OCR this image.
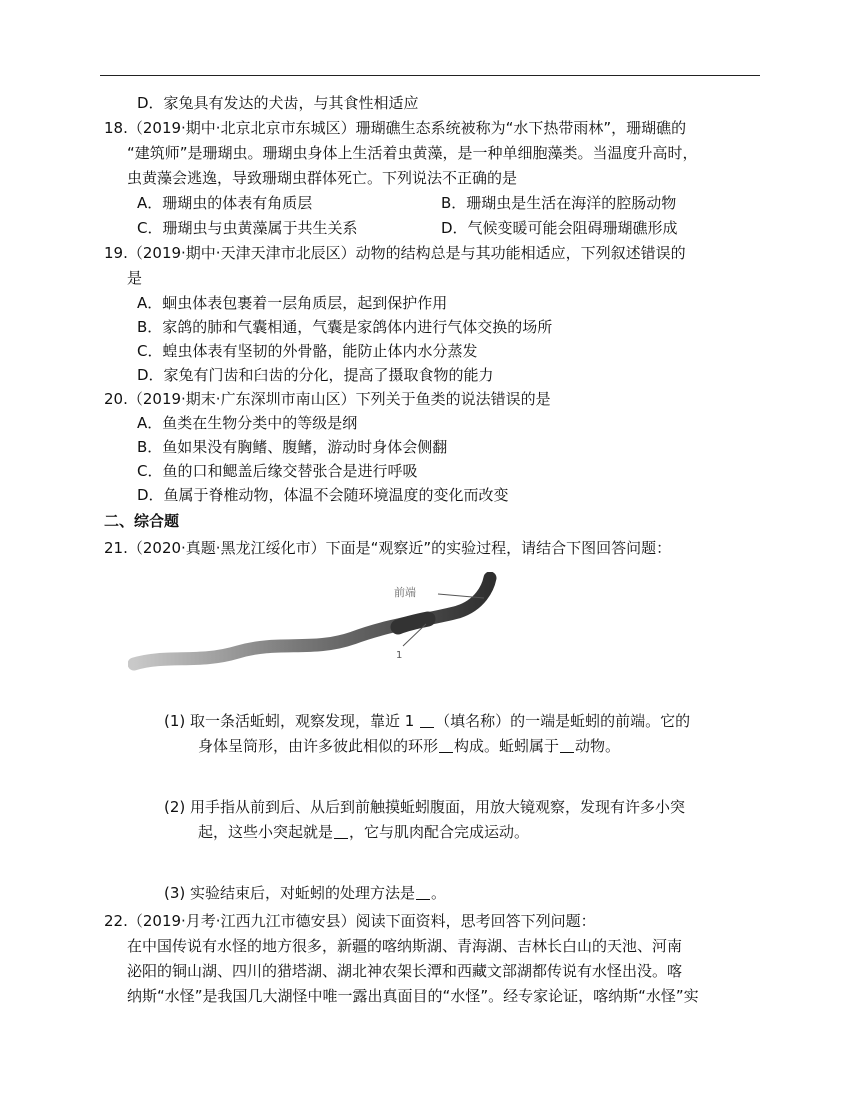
D．家兔具有发达的犬齿，与其食性相适应
18.（2019·期中·北京北京市东城区）珊瑚礁生态系统被称为“水下热带雨林”，珊瑚礁的
“建筑师”是珊瑚虫。珊瑚虫身体上生活着虫黄藻，是一种单细胞藻类。当温度升高时，
虫黄藻会逃逸，导致珊瑚虫群体死亡。下列说法不正确的是
A．珊瑚虫的体表有角质层	B．珊瑚虫是生活在海洋的腔肠动物
C．珊瑚虫与虫黄藻属于共生关系	D．气候变暖可能会阻碍珊瑚礁形成
19.（2019·期中·天津天津市北辰区）动物的结构总是与其功能相适应，下列叙述错误的
是
A．蛔虫体表包裹着一层角质层，起到保护作用
B．家鸽的肺和气囊相通，气囊是家鸽体内进行气体交换的场所
C．蝗虫体表有坚韧的外骨骼，能防止体内水分蒸发
D．家兔有门齿和臼齿的分化，提高了摄取食物的能力
20.（2019·期末·广东深圳市南山区）下列关于鱼类的说法错误的是
A．鱼类在生物分类中的等级是纲
B．鱼如果没有胸鳍、腹鳍，游动时身体会侧翻
C．鱼的口和鳃盖后缘交替张合是进行呼吸
D．鱼属于脊椎动物，体温不会随环境温度的变化而改变
二、综合题
21.（2020·真题·黑龙江绥化市）下面是“观察近”的实验过程，请结合下图回答问题：
前端
1
(1) 取一条活蚯蚓，观察发现，靠近 1 （填名称）的一端是蚯蚓的前端。它的
身体呈筒形，由许多彼此相似的环形 构成。蚯蚓属于 动物。
(2) 用手指从前到后、从后到前触摸蚯蚓腹面，用放大镜观察，发现有许多小突
起，这些小突起就是 ，它与肌肉配合完成运动。
(3) 实验结束后，对蚯蚓的处理方法是 。
22.（2019·月考·江西九江市德安县）阅读下面资料，思考回答下列问题：
在中国传说有水怪的地方很多，新疆的喀纳斯湖、青海湖、吉林长白山的天池、河南
泌阳的铜山湖、四川的猎塔湖、湖北神农架长潭和西藏文部湖都传说有水怪出没。喀
纳斯“水怪”是我国几大湖怪中唯一露出真面目的“水怪”。经专家论证，喀纳斯“水怪”实
